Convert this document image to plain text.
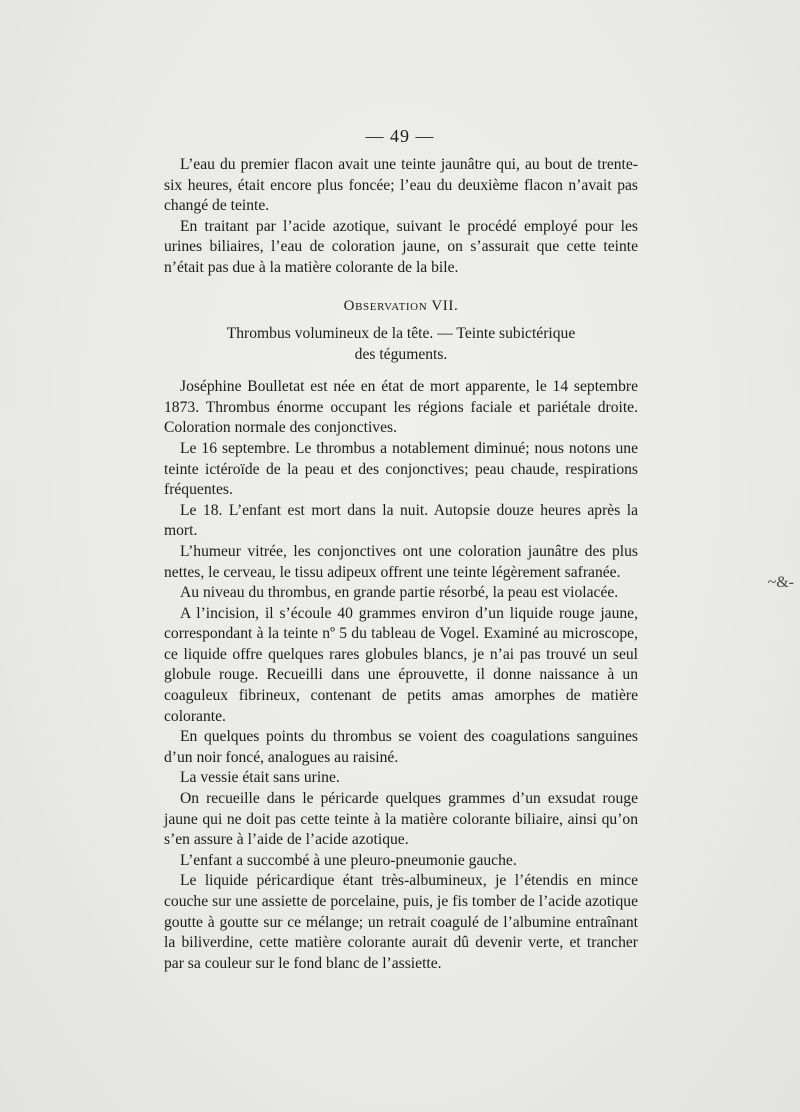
— 49 —

L’eau du premier flacon avait une teinte jaunâtre qui, au bout de trente-six heures, était encore plus foncée; l’eau du deuxième flacon n’avait pas changé de teinte.

En traitant par l’acide azotique, suivant le procédé employé pour les urines biliaires, l’eau de coloration jaune, on s’assurait que cette teinte n’était pas due à la matière colorante de la bile.

Observation VII.
Thrombus volumineux de la tête. — Teinte subictérique
des téguments.

Joséphine Boulletat est née en état de mort apparente, le 14 septembre 1873. Thrombus énorme occupant les régions faciale et pariétale droite. Coloration normale des conjonctives.

Le 16 septembre. Le thrombus a notablement diminué; nous notons une teinte ictéroïde de la peau et des conjonctives; peau chaude, respirations fréquentes.

Le 18. L’enfant est mort dans la nuit. Autopsie douze heures après la mort.

L’humeur vitrée, les conjonctives ont une coloration jaunâtre des plus nettes, le cerveau, le tissu adipeux offrent une teinte légèrement safranée.

Au niveau du thrombus, en grande partie résorbé, la peau est violacée.

A l’incision, il s’écoule 40 grammes environ d’un liquide rouge jaune, correspondant à la teinte nº 5 du tableau de Vogel. Examiné au microscope, ce liquide offre quelques rares globules blancs, je n’ai pas trouvé un seul globule rouge. Recueilli dans une éprouvette, il donne naissance à un coaguleux fibrineux, contenant de petits amas amorphes de matière colorante.

En quelques points du thrombus se voient des coagulations sanguines d’un noir foncé, analogues au raisiné.

La vessie était sans urine.

On recueille dans le péricarde quelques grammes d’un exsudat rouge jaune qui ne doit pas cette teinte à la matière colorante biliaire, ainsi qu’on s’en assure à l’aide de l’acide azotique.

L’enfant a succombé à une pleuro-pneumonie gauche.

Le liquide péricardique étant très-albumineux, je l’étendis en mince couche sur une assiette de porcelaine, puis, je fis tomber de l’acide azotique goutte à goutte sur ce mélange; un retrait coagulé de l’albumine entraînant la biliverdine, cette matière colorante aurait dû devenir verte, et trancher par sa couleur sur le fond blanc de l’assiette.

~&-
